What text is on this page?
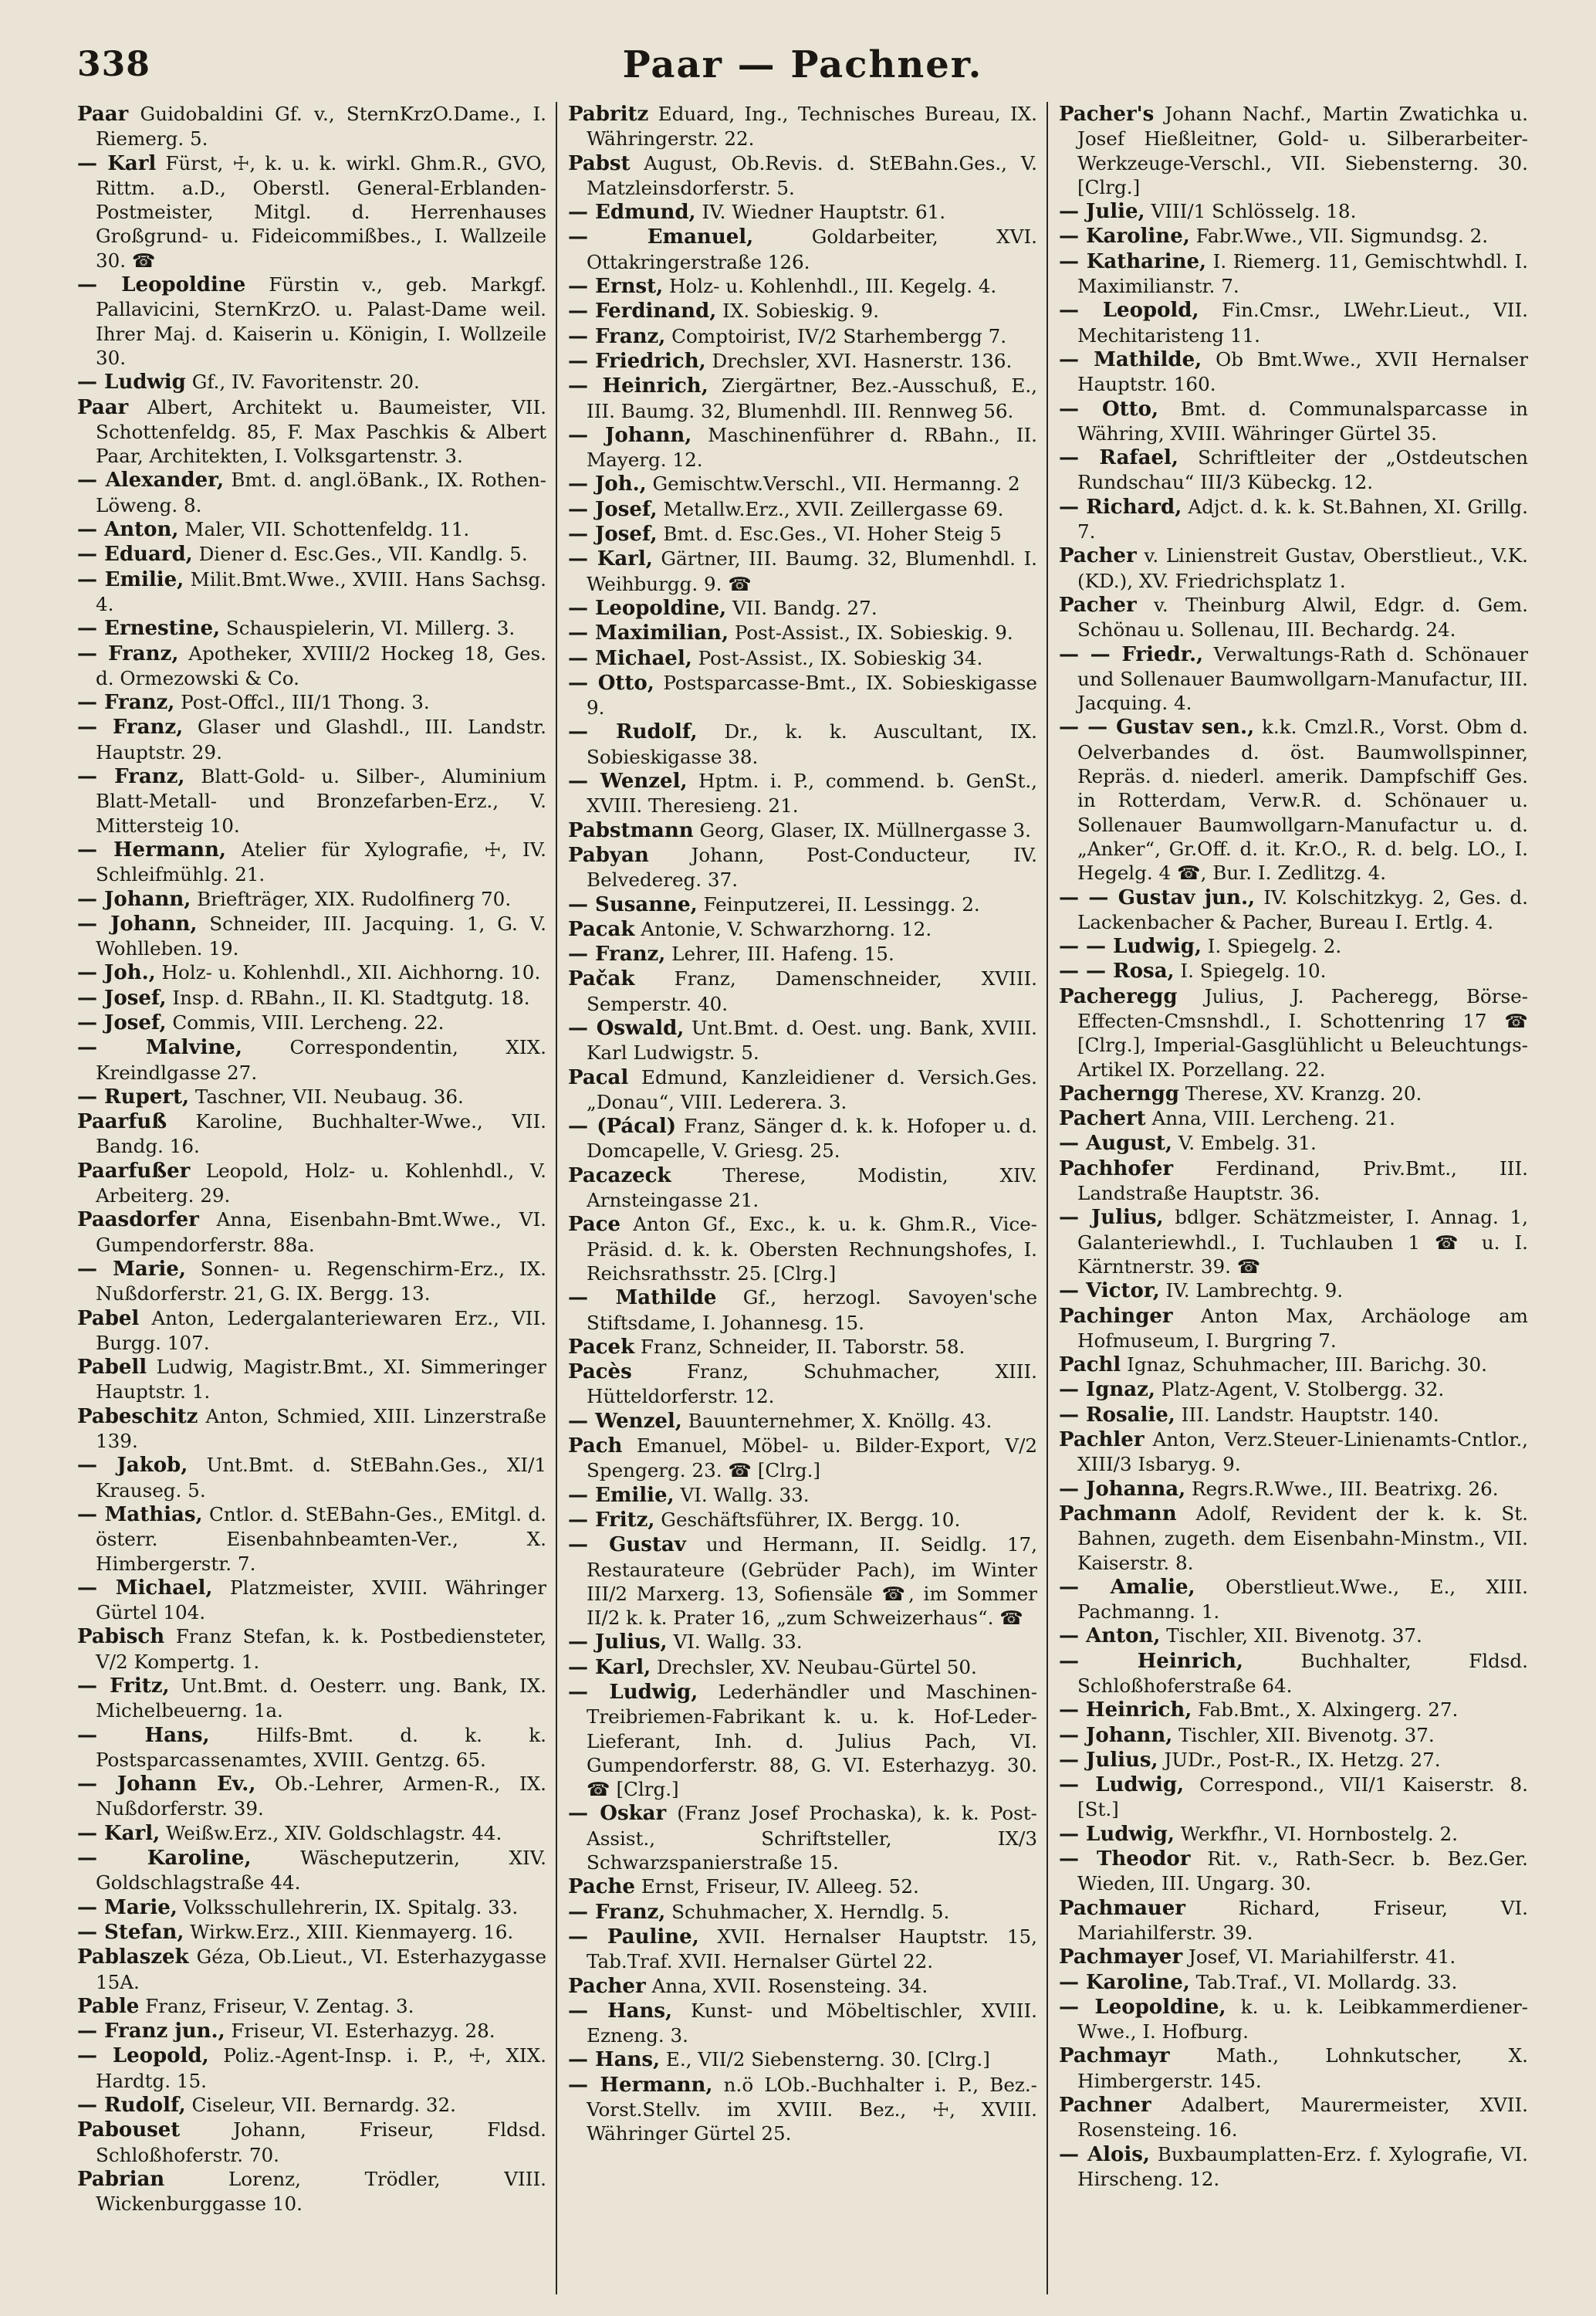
338	Paar — Pachner.

Paar Guidobaldini Gf. v., SternKrzO.Dame., I. Riemerg. 5.

— Karl Fürst, ☩, k. u. k. wirkl. Ghm.R., GVO, Rittm. a.D., Oberstl. General-Erblanden-Postmeister, Mitgl. d. Herrenhauses Großgrund- u. Fideicommißbes., I. Wallzeile 30. ☎

— Leopoldine Fürstin v., geb. Markgf. Pallavicini, SternKrzO. u. Palast-Dame weil. Ihrer Maj. d. Kaiserin u. Königin, I. Wollzeile 30.

— Ludwig Gf., IV. Favoritenstr. 20.

Paar Albert, Architekt u. Baumeister, VII. Schottenfeldg. 85, F. Max Paschkis & Albert Paar, Architekten, I. Volksgartenstr. 3.

— Alexander, Bmt. d. angl.öBank., IX. Rothen-Löweng. 8.

— Anton, Maler, VII. Schottenfeldg. 11.

— Eduard, Diener d. Esc.Ges., VII. Kandlg. 5.

— Emilie, Milit.Bmt.Wwe., XVIII. Hans Sachsg. 4.

— Ernestine, Schauspielerin, VI. Millerg. 3.

— Franz, Apotheker, XVIII/2 Hockeg 18, Ges. d. Ormezowski & Co.

— Franz, Post-Offcl., III/1 Thong. 3.

— Franz, Glaser und Glashdl., III. Landstr. Hauptstr. 29.

— Franz, Blatt-Gold- u. Silber-, Aluminium Blatt-Metall- und Bronzefarben-Erz., V. Mittersteig 10.

— Hermann, Atelier für Xylografie, ☩, IV. Schleifmühlg. 21.

— Johann, Briefträger, XIX. Rudolfinerg 70.

— Johann, Schneider, III. Jacquing. 1, G. V. Wohlleben. 19.

— Joh., Holz- u. Kohlenhdl., XII. Aichhorng. 10.

— Josef, Insp. d. RBahn., II. Kl. Stadtgutg. 18.

— Josef, Commis, VIII. Lercheng. 22.

— Malvine,	Correspondentin, XIX. Kreindlgasse 27.

— Rupert, Taschner, VII. Neubaug. 36.

Paarfuß Karoline, Buchhalter-Wwe., VII. Bandg. 16.

Paarfußer Leopold, Holz- u. Kohlenhdl., V. Arbeiterg. 29.

Paasdorfer Anna, Eisenbahn-Bmt.Wwe., VI. Gumpendorferstr. 88a.

— Marie, Sonnen- u. Regenschirm-Erz., IX. Nußdorferstr. 21, G. IX. Bergg. 13.

Pabel Anton, Ledergalanteriewaren Erz., VII. Burgg. 107.

Pabell Ludwig, Magistr.Bmt., XI. Simmeringer Hauptstr. 1.

Pabeschitz Anton, Schmied, XIII. Linzerstraße 139.

— Jakob, Unt.Bmt. d. StEBahn.Ges., XI/1 Krauseg. 5.

— Mathias, Cntlor. d. StEBahn-Ges., EMitgl. d. österr. Eisenbahnbeamten-Ver., X. Himbergerstr. 7.

— Michael, Platzmeister, XVIII. Währinger Gürtel 104.

Pabisch Franz Stefan, k. k. Postbediensteter, V/2 Kompertg. 1.

— Fritz, Unt.Bmt. d. Oesterr. ung. Bank, IX. Michelbeuerng. 1a.

— Hans, Hilfs-Bmt. d. k. k. Postsparcassenamtes, XVIII. Gentzg. 65.

— Johann Ev., Ob.-Lehrer, Armen-R., IX. Nußdorferstr. 39.

— Karl, Weißw.Erz., XIV. Goldschlagstr. 44.

— Karoline,	Wäscheputzerin, XIV. Goldschlagstraße 44.

— Marie, Volksschullehrerin, IX. Spitalg. 33.

— Stefan, Wirkw.Erz., XIII. Kienmayerg. 16.

Pablaszek Géza, Ob.Lieut., VI. Esterhazygasse 15A.

Pable Franz, Friseur, V. Zentag. 3.

— Franz jun., Friseur, VI. Esterhazyg. 28.

— Leopold, Poliz.-Agent-Insp. i. P., ☩, XIX. Hardtg. 15.

— Rudolf, Ciseleur, VII. Bernardg. 32.

Pabouset	Johann, Friseur, Fldsd. Schloßhoferstr. 70.

Pabrian	Lorenz, Trödler, VIII. Wickenburggasse 10.

Pabritz Eduard, Ing., Technisches Bureau, IX. Währingerstr. 22.

Pabst August, Ob.Revis. d. StEBahn.Ges., V. Matzleinsdorferstr. 5.

— Edmund, IV. Wiedner Hauptstr. 61.

— Emanuel,	Goldarbeiter, XVI. Ottakringerstraße 126.

— Ernst, Holz- u. Kohlenhdl., III. Kegelg. 4.

— Ferdinand, IX. Sobieskig. 9.

— Franz, Comptoirist, IV/2 Starhembergg 7.

— Friedrich, Drechsler, XVI. Hasnerstr. 136.

— Heinrich, Ziergärtner, Bez.-Ausschuß, E., III. Baumg. 32, Blumenhdl. III. Rennweg 56.

— Johann, Maschinenführer d. RBahn., II. Mayerg. 12.

— Joh., Gemischtw.Verschl., VII. Hermanng. 2

— Josef, Metallw.Erz., XVII. Zeillergasse 69.

— Josef, Bmt. d. Esc.Ges., VI. Hoher Steig 5

— Karl, Gärtner, III. Baumg. 32, Blumenhdl. I. Weihburgg. 9. ☎

— Leopoldine, VII. Bandg. 27.

— Maximilian, Post-Assist., IX. Sobieskig. 9.

— Michael, Post-Assist., IX. Sobieskig 34.

— Otto, Postsparcasse-Bmt., IX. Sobieskigasse 9.

— Rudolf, Dr., k. k. Auscultant, IX. Sobieskigasse 38.

— Wenzel, Hptm. i. P., commend. b. GenSt., XVIII. Theresieng. 21.

Pabstmann Georg, Glaser, IX. Müllnergasse 3.

Pabyan Johann, Post-Conducteur, IV. Belvedereg. 37.

— Susanne, Feinputzerei, II. Lessingg. 2.

Pacak Antonie, V. Schwarzhorng. 12.

— Franz, Lehrer, III. Hafeng. 15.

Pačak Franz, Damenschneider, XVIII. Semperstr. 40.

— Oswald, Unt.Bmt. d. Oest. ung. Bank, XVIII. Karl Ludwigstr. 5.

Pacal Edmund, Kanzleidiener d. Versich.Ges. „Donau“, VIII. Lederera. 3.

— (Pácal) Franz, Sänger d. k. k. Hofoper u. d. Domcapelle, V. Griesg. 25.

Pacazeck	Therese, Modistin, XIV. Arnsteingasse 21.

Pace Anton Gf., Exc., k. u. k. Ghm.R., Vice-Präsid. d. k. k. Obersten Rechnungshofes, I. Reichsrathsstr. 25. [Clrg.]

— Mathilde Gf., herzogl. Savoyen'sche Stiftsdame, I. Johannesg. 15.

Pacek Franz, Schneider, II. Taborstr. 58.

Pacès	Franz, Schuhmacher, XIII. Hütteldorferstr. 12.

— Wenzel, Bauunternehmer, X. Knöllg. 43.

Pach Emanuel, Möbel- u. Bilder-Export, V/2 Spengerg. 23. ☎ [Clrg.]

— Emilie, VI. Wallg. 33.

— Fritz, Geschäftsführer, IX. Bergg. 10.

— Gustav und Hermann, II. Seidlg. 17, Restaurateure (Gebrüder Pach), im Winter III/2 Marxerg. 13, Sofiensäle ☎, im Sommer II/2 k. k. Prater 16, „zum Schweizerhaus“. ☎

— Julius, VI. Wallg. 33.

— Karl, Drechsler, XV. Neubau-Gürtel 50.

— Ludwig, Lederhändler und Maschinen-Treibriemen-Fabrikant k. u. k. Hof-Leder-Lieferant, Inh. d. Julius Pach, VI. Gumpendorferstr. 88, G. VI. Esterhazyg. 30. ☎ [Clrg.]

— Oskar (Franz Josef Prochaska), k. k. Post-Assist., Schriftsteller, IX/3 Schwarzspanierstraße 15.

Pache Ernst, Friseur, IV. Alleeg. 52.

— Franz, Schuhmacher, X. Herndlg. 5.

— Pauline, XVII. Hernalser Hauptstr. 15, Tab.Traf. XVII. Hernalser Gürtel 22.

Pacher Anna, XVII. Rosensteing. 34.

— Hans, Kunst- und Möbeltischler, XVIII. Ezneng. 3.

— Hans, E., VII/2 Siebensterng. 30. [Clrg.]

— Hermann, n.ö LOb.-Buchhalter i. P., Bez.-Vorst.Stellv. im XVIII. Bez., ☩, XVIII. Währinger Gürtel 25.

Pacher's Johann Nachf., Martin Zwatichka u. Josef Hießleitner, Gold- u. Silberarbeiter-Werkzeuge-Verschl., VII. Siebensterng. 30. [Clrg.]

— Julie, VIII/1 Schlösselg. 18.

— Karoline, Fabr.Wwe., VII. Sigmundsg. 2.

— Katharine, I. Riemerg. 11, Gemischtwhdl. I. Maximilianstr. 7.

— Leopold, Fin.Cmsr., LWehr.Lieut., VII. Mechitaristeng 11.

— Mathilde, Ob Bmt.Wwe., XVII Hernalser Hauptstr. 160.

— Otto, Bmt. d. Communalsparcasse in Währing, XVIII. Währinger Gürtel 35.

— Rafael, Schriftleiter der „Ostdeutschen Rundschau“ III/3 Kübeckg. 12.

— Richard, Adjct. d. k. k. St.Bahnen, XI. Grillg. 7.

Pacher v. Linienstreit Gustav, Oberstlieut., V.K. (KD.), XV. Friedrichsplatz 1.

Pacher v. Theinburg Alwil, Edgr. d. Gem. Schönau u. Sollenau, III. Bechardg. 24.

— — Friedr., Verwaltungs-Rath d. Schönauer und Sollenauer Baumwollgarn-Manufactur, III. Jacquing. 4.

— — Gustav sen., k.k. Cmzl.R., Vorst. Obm d. Oelverbandes d. öst. Baumwollspinner, Repräs. d. niederl. amerik. Dampfschiff Ges. in Rotterdam, Verw.R. d. Schönauer u. Sollenauer Baumwollgarn-Manufactur u. d. „Anker“, Gr.Off. d. it. Kr.O., R. d. belg. LO., I. Hegelg. 4 ☎, Bur. I. Zedlitzg. 4.

— — Gustav jun., IV. Kolschitzkyg. 2, Ges. d. Lackenbacher & Pacher, Bureau I. Ertlg. 4.

— — Ludwig, I. Spiegelg. 2.

— — Rosa, I. Spiegelg. 10.

Pacheregg Julius, J. Pacheregg, Börse-Effecten-Cmsnshdl., I. Schottenring 17 ☎ [Clrg.], Imperial-Gasglühlicht u Beleuchtungs-Artikel IX. Porzellang. 22.

Pacherngg Therese, XV. Kranzg. 20.

Pachert Anna, VIII. Lercheng. 21.

— August, V. Embelg. 31.

Pachhofer Ferdinand, Priv.Bmt., III. Landstraße Hauptstr. 36.

— Julius, bdlger. Schätzmeister, I. Annag. 1, Galanteriewhdl., I. Tuchlauben 1 ☎ u. I. Kärntnerstr. 39. ☎

— Victor, IV. Lambrechtg. 9.

Pachinger Anton Max, Archäologe am Hofmuseum, I. Burgring 7.

Pachl Ignaz, Schuhmacher, III. Barichg. 30.

— Ignaz, Platz-Agent, V. Stolbergg. 32.

— Rosalie, III. Landstr. Hauptstr. 140.

Pachler Anton, Verz.Steuer-Linienamts-Cntlor., XIII/3 Isbaryg. 9.

— Johanna, Regrs.R.Wwe., III. Beatrixg. 26.

Pachmann Adolf, Revident der k. k. St. Bahnen, zugeth. dem Eisenbahn-Minstm., VII. Kaiserstr. 8.

— Amalie, Oberstlieut.Wwe., E., XIII. Pachmanng. 1.

— Anton, Tischler, XII. Bivenotg. 37.

— Heinrich,	Buchhalter, Fldsd. Schloßhoferstraße 64.

— Heinrich, Fab.Bmt., X. Alxingerg. 27.

— Johann, Tischler, XII. Bivenotg. 37.

— Julius, JUDr., Post-R., IX. Hetzg. 27.

— Ludwig, Correspond., VII/1 Kaiserstr. 8. [St.]

— Ludwig, Werkfhr., VI. Hornbostelg. 2.

— Theodor Rit. v., Rath-Secr. b. Bez.Ger. Wieden, III. Ungarg. 30.

Pachmauer	Richard, Friseur, VI. Mariahilferstr. 39.

Pachmayer Josef, VI. Mariahilferstr. 41.

— Karoline, Tab.Traf., VI. Mollardg. 33.

— Leopoldine, k. u. k. Leibkammerdiener-Wwe., I. Hofburg.

Pachmayr Math., Lohnkutscher, X. Himbergerstr. 145.

Pachner Adalbert, Maurermeister, XVII. Rosensteing. 16.

— Alois, Buxbaumplatten-Erz. f. Xylografie, VI. Hirscheng. 12.
